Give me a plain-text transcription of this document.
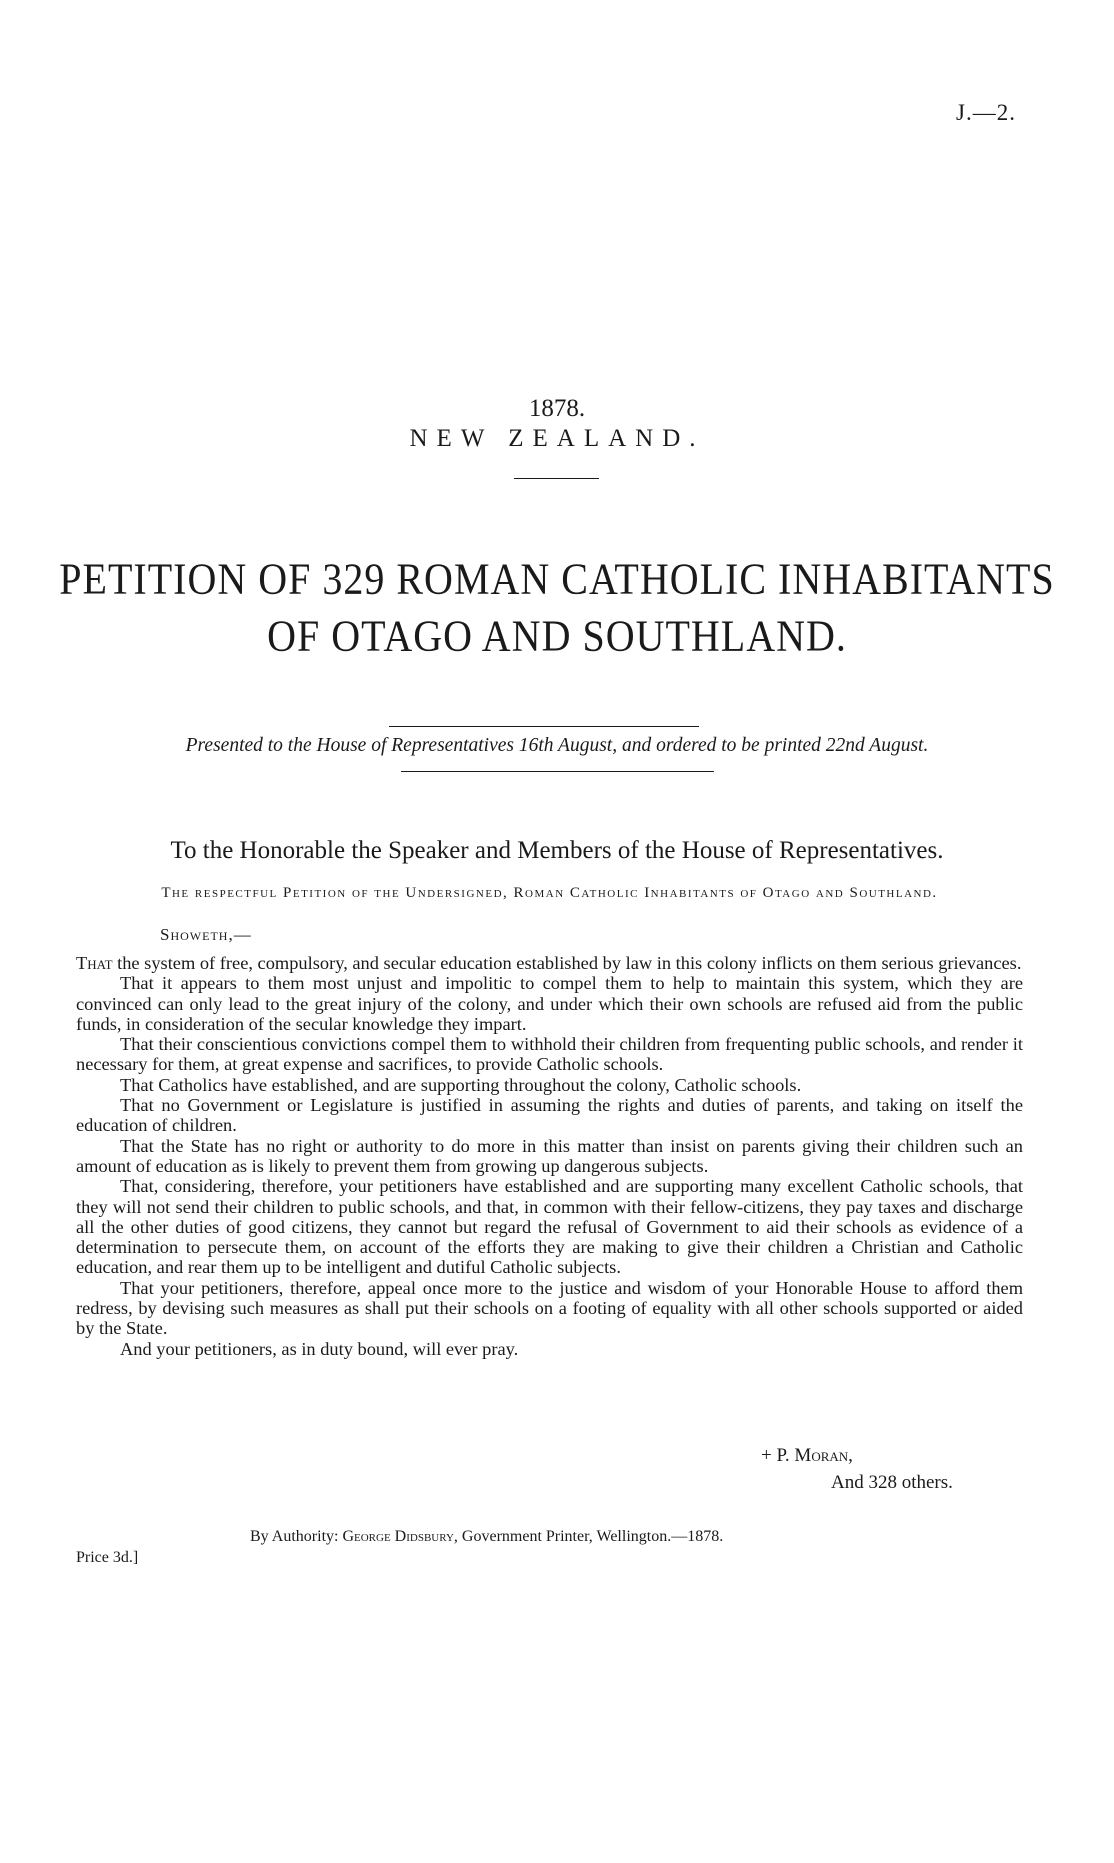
J.—2.
1878.
NEW ZEALAND.
PETITION OF 329 ROMAN CATHOLIC INHABITANTS
OF OTAGO AND SOUTHLAND.
Presented to the House of Representatives 16th August, and ordered to be printed 22nd August.
To the Honorable the Speaker and Members of the House of Representatives.
The respectful Petition of the Undersigned, Roman Catholic Inhabitants of Otago and Southland.
Showeth,—

That the system of free, compulsory, and secular education established by law in this colony inflicts on them serious grievances.

That it appears to them most unjust and impolitic to compel them to help to maintain this system, which they are convinced can only lead to the great injury of the colony, and under which their own schools are refused aid from the public funds, in consideration of the secular knowledge they impart.

That their conscientious convictions compel them to withhold their children from frequenting public schools, and render it necessary for them, at great expense and sacrifices, to provide Catholic schools.

That Catholics have established, and are supporting throughout the colony, Catholic schools.

That no Government or Legislature is justified in assuming the rights and duties of parents, and taking on itself the education of children.

That the State has no right or authority to do more in this matter than insist on parents giving their children such an amount of education as is likely to prevent them from growing up dangerous subjects.

That, considering, therefore, your petitioners have established and are supporting many excellent Catholic schools, that they will not send their children to public schools, and that, in common with their fellow-citizens, they pay taxes and discharge all the other duties of good citizens, they cannot but regard the refusal of Government to aid their schools as evidence of a determination to persecute them, on account of the efforts they are making to give their children a Christian and Catholic education, and rear them up to be intelligent and dutiful Catholic subjects.

That your petitioners, therefore, appeal once more to the justice and wisdom of your Honorable House to afford them redress, by devising such measures as shall put their schools on a footing of equality with all other schools supported or aided by the State.

And your petitioners, as in duty bound, will ever pray.

+ P. Moran,
And 328 others.
Price 3d.]
By Authority: George Didsbury, Government Printer, Wellington.—1878.
